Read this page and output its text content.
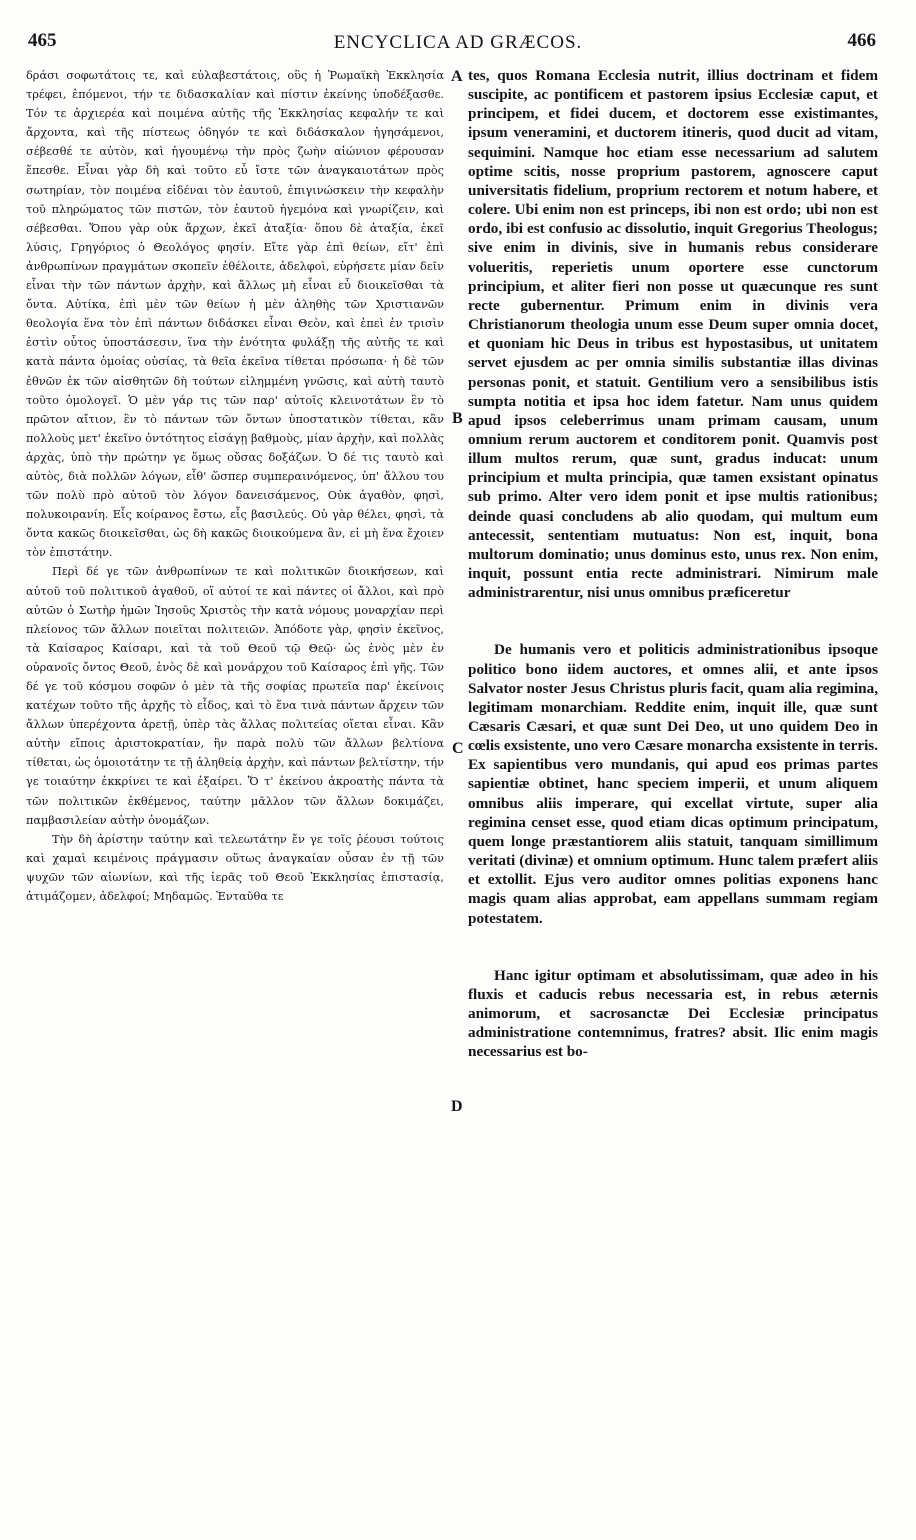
465	ENCYCLICA AD GRÆCOS.	466

δράσι σοφωτάτοις τε, καὶ εὐλαβεστάτοις, οὓς ἡ Ῥωμαϊκὴ Ἐκκλησία τρέφει, ἑπόμενοι, τήν τε διδασκαλίαν καὶ πίστιν ἐκείνης ὑποδέξασθε. Τόν τε ἀρχιερέα καὶ ποιμένα αὐτῆς τῆς Ἐκκλησίας κεφαλήν τε καὶ ἄρχοντα, καὶ τῆς πίστεως ὁδηγόν τε καὶ διδάσκαλον ἡγησάμενοι, σέβεσθέ τε αὐτὸν, καὶ ἡγουμένῳ τὴν πρὸς ζωὴν αἰώνιον φέρουσαν ἕπεσθε. Εἶναι γὰρ δὴ καὶ τοῦτο εὖ ἴστε τῶν ἀναγκαιοτάτων πρὸς σωτηρίαν, τὸν ποιμένα εἰδέναι τὸν ἑαυτοῦ, ἐπιγινώσκειν τὴν κεφαλὴν τοῦ πληρώματος τῶν πιστῶν, τὸν ἑαυτοῦ ἡγεμόνα καὶ γνωρίζειν, καὶ σέβεσθαι. Ὅπου γὰρ οὐκ ἄρχων, ἐκεῖ ἀταξία· ὅπου δὲ ἀταξία, ἐκεῖ λύσις, Γρηγόριος ὁ Θεολόγος φησίν. Εἴτε γὰρ ἐπὶ θείων, εἴτ' ἐπὶ ἀνθρωπίνων πραγμάτων σκοπεῖν ἐθέλοιτε, ἀδελφοὶ, εὑρήσετε μίαν δεῖν εἶναι τὴν τῶν πάντων ἀρχὴν, καὶ ἄλλως μὴ εἶναι εὖ διοικεῖσθαι τὰ ὄντα. Αὐτίκα, ἐπὶ μὲν τῶν θείων ἡ μὲν ἀληθὴς τῶν Χριστιανῶν θεολογία ἕνα τὸν ἐπὶ πάντων διδάσκει εἶναι Θεὸν, καὶ ἐπεὶ ἐν τρισὶν ἐστὶν οὗτος ὑποστάσεσιν, ἵνα τὴν ἑνότητα φυλάξῃ τῆς αὐτῆς τε καὶ κατὰ πάντα ὁμοίας οὐσίας, τὰ θεῖα ἐκεῖνα τίθεται πρόσωπα· ἡ δὲ τῶν ἐθνῶν ἐκ τῶν αἰσθητῶν δὴ τούτων εἰλημμένη γνῶσις, καὶ αὐτὴ ταυτὸ τοῦτο ὁμολογεῖ. Ὁ μὲν γάρ τις τῶν παρ' αὐτοῖς κλεινοτάτων ἓν τὸ πρῶτον αἴτιον, ἓν τὸ πάντων τῶν ὄντων ὑποστατικὸν τίθεται, κἂν πολλοὺς μετ' ἐκεῖνο ὀντότητος εἰσάγῃ βαθμοὺς, μίαν ἀρχὴν, καὶ πολλὰς ἀρχὰς, ὑπὸ τὴν πρώτην γε ὅμως οὔσας δοξάζων. Ὁ δέ τις ταυτὸ καὶ αὐτὸς, διὰ πολλῶν λόγων, εἶθ' ὥσπερ συμπεραινόμενος, ὑπ' ἄλλου του τῶν πολὺ πρὸ αὐτοῦ τὸν λόγον δανεισάμενος, Οὐκ ἀγαθὸν, φησὶ, πολυκοιρανίη. Εἷς κοίρανος ἔστω, εἷς βασιλεύς. Οὐ γὰρ θέλει, φησὶ, τὰ ὄντα κακῶς διοικεῖσθαι, ὡς δὴ κακῶς διοικούμενα ἂν, εἰ μὴ ἕνα ἔχοιεν τὸν ἐπιστάτην.

Περὶ δέ γε τῶν ἀνθρωπίνων τε καὶ πολιτικῶν διοικήσεων, καὶ αὐτοῦ τοῦ πολιτικοῦ ἀγαθοῦ, οἵ αὐτοί τε καὶ πάντες οἱ ἄλλοι, καὶ πρὸ αὐτῶν ὁ Σωτὴρ ἡμῶν Ἰησοῦς Χριστὸς τὴν κατὰ νόμους μοναρχίαν περὶ πλείονος τῶν ἄλλων ποιεῖται πολιτειῶν. Ἀπόδοτε γὰρ, φησὶν ἐκεῖνος, τὰ Καίσαρος Καίσαρι, καὶ τὰ τοῦ Θεοῦ τῷ Θεῷ· ὡς ἑνὸς μὲν ἐν οὐρανοῖς ὄντος Θεοῦ, ἑνὸς δὲ καὶ μονάρχου τοῦ Καίσαρος ἐπὶ γῆς. Τῶν δέ γε τοῦ κόσμου σοφῶν ὁ μὲν τὰ τῆς σοφίας πρωτεῖα παρ' ἐκείνοις κατέχων τοῦτο τῆς ἀρχῆς τὸ εἶδος, καὶ τὸ ἕνα τινὰ πάντων ἄρχειν τῶν ἄλλων ὑπερέχοντα ἀρετῇ, ὑπὲρ τὰς ἄλλας πολιτείας οἴεται εἶναι. Κἂν αὐτὴν εἴποις ἀριστοκρατίαν, ἣν παρὰ πολὺ τῶν ἄλλων βελτίονα τίθεται, ὡς ὁμοιοτάτην τε τῇ ἀληθείᾳ ἀρχὴν, καὶ πάντων βελτίστην, τήν γε τοιαύτην ἐκκρίνει τε καὶ ἐξαίρει. Ὅ τ' ἐκείνου ἀκροατὴς πάντα τὰ τῶν πολιτικῶν ἐκθέμενος, ταύτην μᾶλλον τῶν ἄλλων δοκιμάζει, παμβασιλείαν αὐτὴν ὀνομάζων.

Τὴν δὴ ἀρίστην ταύτην καὶ τελεωτάτην ἔν γε τοῖς ῥέουσι τούτοις καὶ χαμαὶ κειμένοις πράγμασιν οὕτως ἀναγκαίαν οὖσαν ἐν τῇ τῶν ψυχῶν τῶν αἰωνίων, καὶ τῆς ἱερᾶς τοῦ Θεοῦ Ἐκκλησίας ἐπιστασίᾳ, ἀτιμάζομεν, ἀδελφοί; Μηδαμῶς. Ἐνταῦθα τε

A
B
C
D

tes, quos Romana Ecclesia nutrit, illius doctrinam et fidem suscipite, ac pontificem et pastorem ipsius Ecclesiæ caput, et principem, et fidei ducem, et doctorem esse existimantes, ipsum veneramini, et ductorem itineris, quod ducit ad vitam, sequimini. Namque hoc etiam esse necessarium ad salutem optime scitis, nosse proprium pastorem, agnoscere caput universitatis fidelium, proprium rectorem et notum habere, et colere. Ubi enim non est princeps, ibi non est ordo; ubi non est ordo, ibi est confusio ac dissolutio, inquit Gregorius Theologus; sive enim in divinis, sive in humanis rebus considerare volueritis, reperietis unum oportere esse cunctorum principium, et aliter fieri non posse ut quæcunque res sunt recte gubernentur. Primum enim in divinis vera Christianorum theologia unum esse Deum super omnia docet, et quoniam hic Deus in tribus est hypostasibus, ut unitatem servet ejusdem ac per omnia similis substantiæ illas divinas personas ponit, et statuit. Gentilium vero a sensibilibus istis sumpta notitia et ipsa hoc idem fatetur. Nam unus quidem apud ipsos celeberrimus unam primam causam, unum omnium rerum auctorem et conditorem ponit. Quamvis post illum multos rerum, quæ sunt, gradus inducat: unum principium et multa principia, quæ tamen exsistant opinatus sub primo. Alter vero idem ponit et ipse multis rationibus; deinde quasi concludens ab alio quodam, qui multum eum antecessit, sententiam mutuatus: Non est, inquit, bona multorum dominatio; unus dominus esto, unus rex. Non enim, inquit, possunt entia recte administrari. Nimirum male administrarentur, nisi unus omnibus præficeretur

De humanis vero et politicis administrationibus ipsoque politico bono iidem auctores, et omnes alii, et ante ipsos Salvator noster Jesus Christus pluris facit, quam alia regimina, legitimam monarchiam. Reddite enim, inquit ille, quæ sunt Cæsaris Cæsari, et quæ sunt Dei Deo, ut uno quidem Deo in cœlis exsistente, uno vero Cæsare monarcha exsistente in terris. Ex sapientibus vero mundanis, qui apud eos primas partes sapientiæ obtinet, hanc speciem imperii, et unum aliquem omnibus aliis imperare, qui excellat virtute, super alia regimina censet esse, quod etiam dicas optimum principatum, quem longe præstantiorem aliis statuit, tanquam simillimum veritati (divinæ) et omnium optimum. Hunc talem præfert aliis et extollit. Ejus vero auditor omnes politias exponens hanc magis quam alias approbat, eam appellans summam regiam potestatem.

Hanc igitur optimam et absolutissimam, quæ adeo in his fluxis et caducis rebus necessaria est, in rebus æternis animorum, et sacrosanctæ Dei Ecclesiæ principatus administratione contemnimus, fratres? absit. Ilic enim magis necessarius est bo-
